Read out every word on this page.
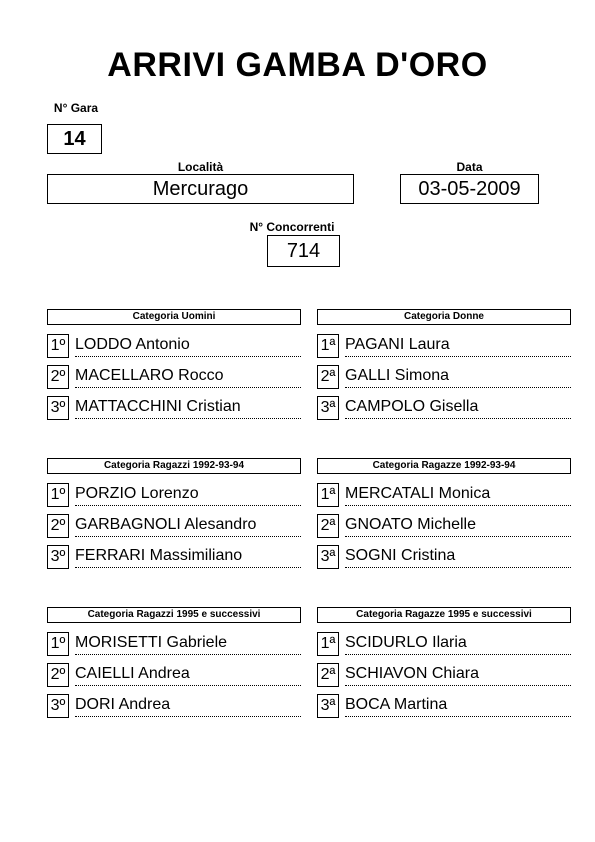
ARRIVI GAMBA D'ORO
N° Gara
14
Località
Mercurago
Data
03-05-2009
N° Concorrenti
714
Categoria Uomini
1º LODDO Antonio
2º MACELLARO Rocco
3º MATTACCHINI Cristian
Categoria Donne
1ª PAGANI Laura
2ª GALLI Simona
3ª CAMPOLO Gisella
Categoria Ragazzi 1992-93-94
1º PORZIO Lorenzo
2º GARBAGNOLI Alesandro
3º FERRARI Massimiliano
Categoria Ragazze 1992-93-94
1ª MERCATALI Monica
2ª GNOATO Michelle
3ª SOGNI Cristina
Categoria Ragazzi 1995 e successivi
1º MORISETTI Gabriele
2º CAIELLI Andrea
3º DORI Andrea
Categoria Ragazze 1995 e successivi
1ª SCIDURLO Ilaria
2ª SCHIAVON Chiara
3ª BOCA Martina
